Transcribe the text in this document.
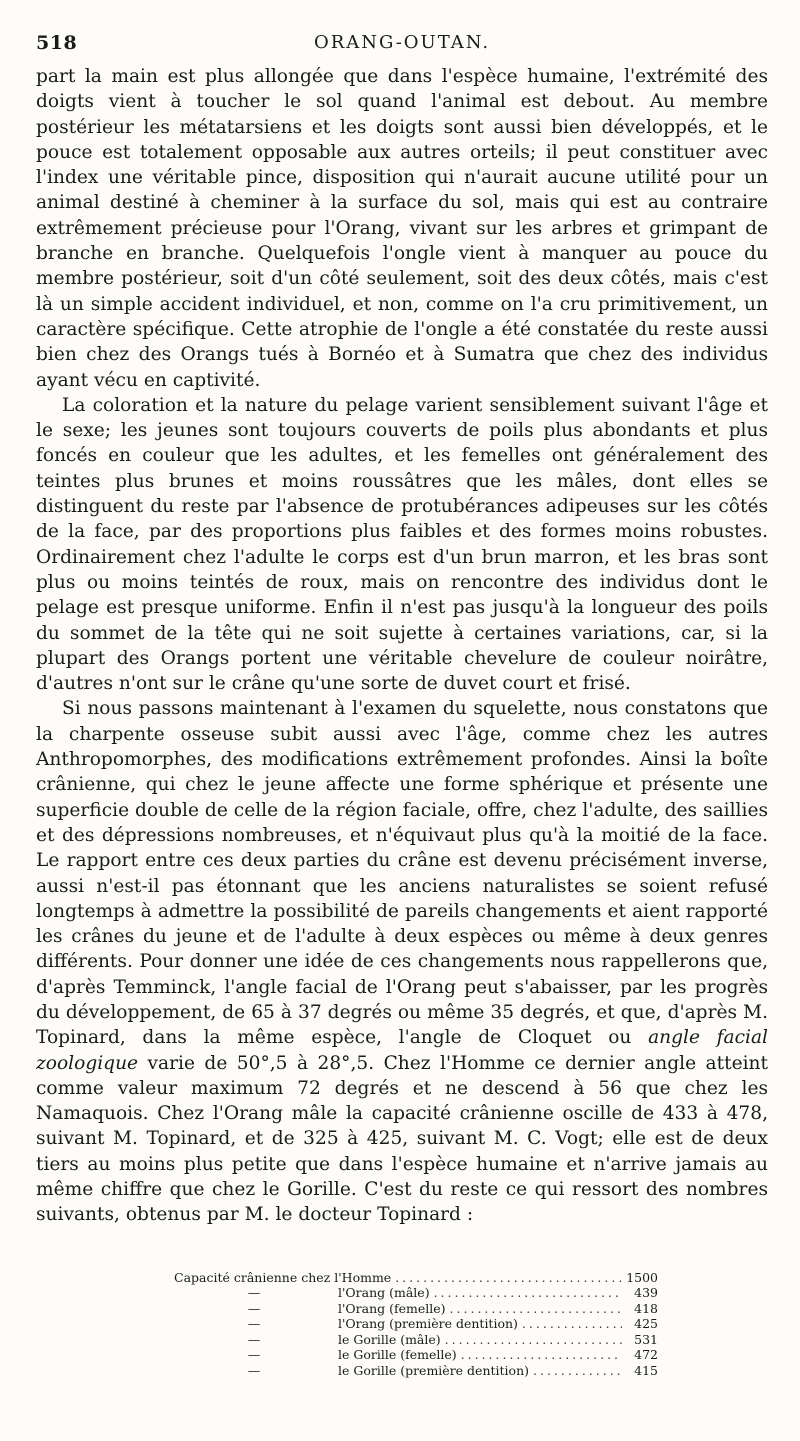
518	ORANG-OUTAN.

part la main est plus allongée que dans l'espèce humaine, l'extrémité des doigts vient à toucher le sol quand l'animal est debout. Au membre postérieur les métatarsiens et les doigts sont aussi bien développés, et le pouce est totalement opposable aux autres orteils; il peut constituer avec l'index une véritable pince, disposition qui n'aurait aucune utilité pour un animal destiné à cheminer à la surface du sol, mais qui est au contraire extrêmement précieuse pour l'Orang, vivant sur les arbres et grimpant de branche en branche. Quelquefois l'ongle vient à manquer au pouce du membre postérieur, soit d'un côté seulement, soit des deux côtés, mais c'est là un simple accident individuel, et non, comme on l'a cru primitivement, un caractère spécifique. Cette atrophie de l'ongle a été constatée du reste aussi bien chez des Orangs tués à Bornéo et à Sumatra que chez des individus ayant vécu en captivité.

La coloration et la nature du pelage varient sensiblement suivant l'âge et le sexe; les jeunes sont toujours couverts de poils plus abondants et plus foncés en couleur que les adultes, et les femelles ont généralement des teintes plus brunes et moins roussâtres que les mâles, dont elles se distinguent du reste par l'absence de protubérances adipeuses sur les côtés de la face, par des proportions plus faibles et des formes moins robustes. Ordinairement chez l'adulte le corps est d'un brun marron, et les bras sont plus ou moins teintés de roux, mais on rencontre des individus dont le pelage est presque uniforme. Enfin il n'est pas jusqu'à la longueur des poils du sommet de la tête qui ne soit sujette à certaines variations, car, si la plupart des Orangs portent une véritable chevelure de couleur noirâtre, d'autres n'ont sur le crâne qu'une sorte de duvet court et frisé.

Si nous passons maintenant à l'examen du squelette, nous constatons que la charpente osseuse subit aussi avec l'âge, comme chez les autres Anthropomorphes, des modifications extrêmement profondes. Ainsi la boîte crânienne, qui chez le jeune affecte une forme sphérique et présente une superficie double de celle de la région faciale, offre, chez l'adulte, des saillies et des dépressions nombreuses, et n'équivaut plus qu'à la moitié de la face. Le rapport entre ces deux parties du crâne est devenu précisément inverse, aussi n'est-il pas étonnant que les anciens naturalistes se soient refusé longtemps à admettre la possibilité de pareils changements et aient rapporté les crânes du jeune et de l'adulte à deux espèces ou même à deux genres différents. Pour donner une idée de ces changements nous rappellerons que, d'après Temminck, l'angle facial de l'Orang peut s'abaisser, par les progrès du développement, de 65 à 37 degrés ou même 35 degrés, et que, d'après M. Topinard, dans la même espèce, l'angle de Cloquet ou angle facial zoologique varie de 50°,5 à 28°,5. Chez l'Homme ce dernier angle atteint comme valeur maximum 72 degrés et ne descend à 56 que chez les Namaquois. Chez l'Orang mâle la capacité crânienne oscille de 433 à 478, suivant M. Topinard, et de 325 à 425, suivant M. C. Vogt; elle est de deux tiers au moins plus petite que dans l'espèce humaine et n'arrive jamais au même chiffre que chez le Gorille. C'est du reste ce qui ressort des nombres suivants, obtenus par M. le docteur Topinard :

Capacité crânienne chez l'Homme .....	1500
—	l'Orang (mâle) .....	439
—	l'Orang (femelle) .....	418
—	l'Orang (première dentition) .....	425
—	le Gorille (mâle) .....	531
—	le Gorille (femelle) .....	472
—	le Gorille (première dentition) .....	415
